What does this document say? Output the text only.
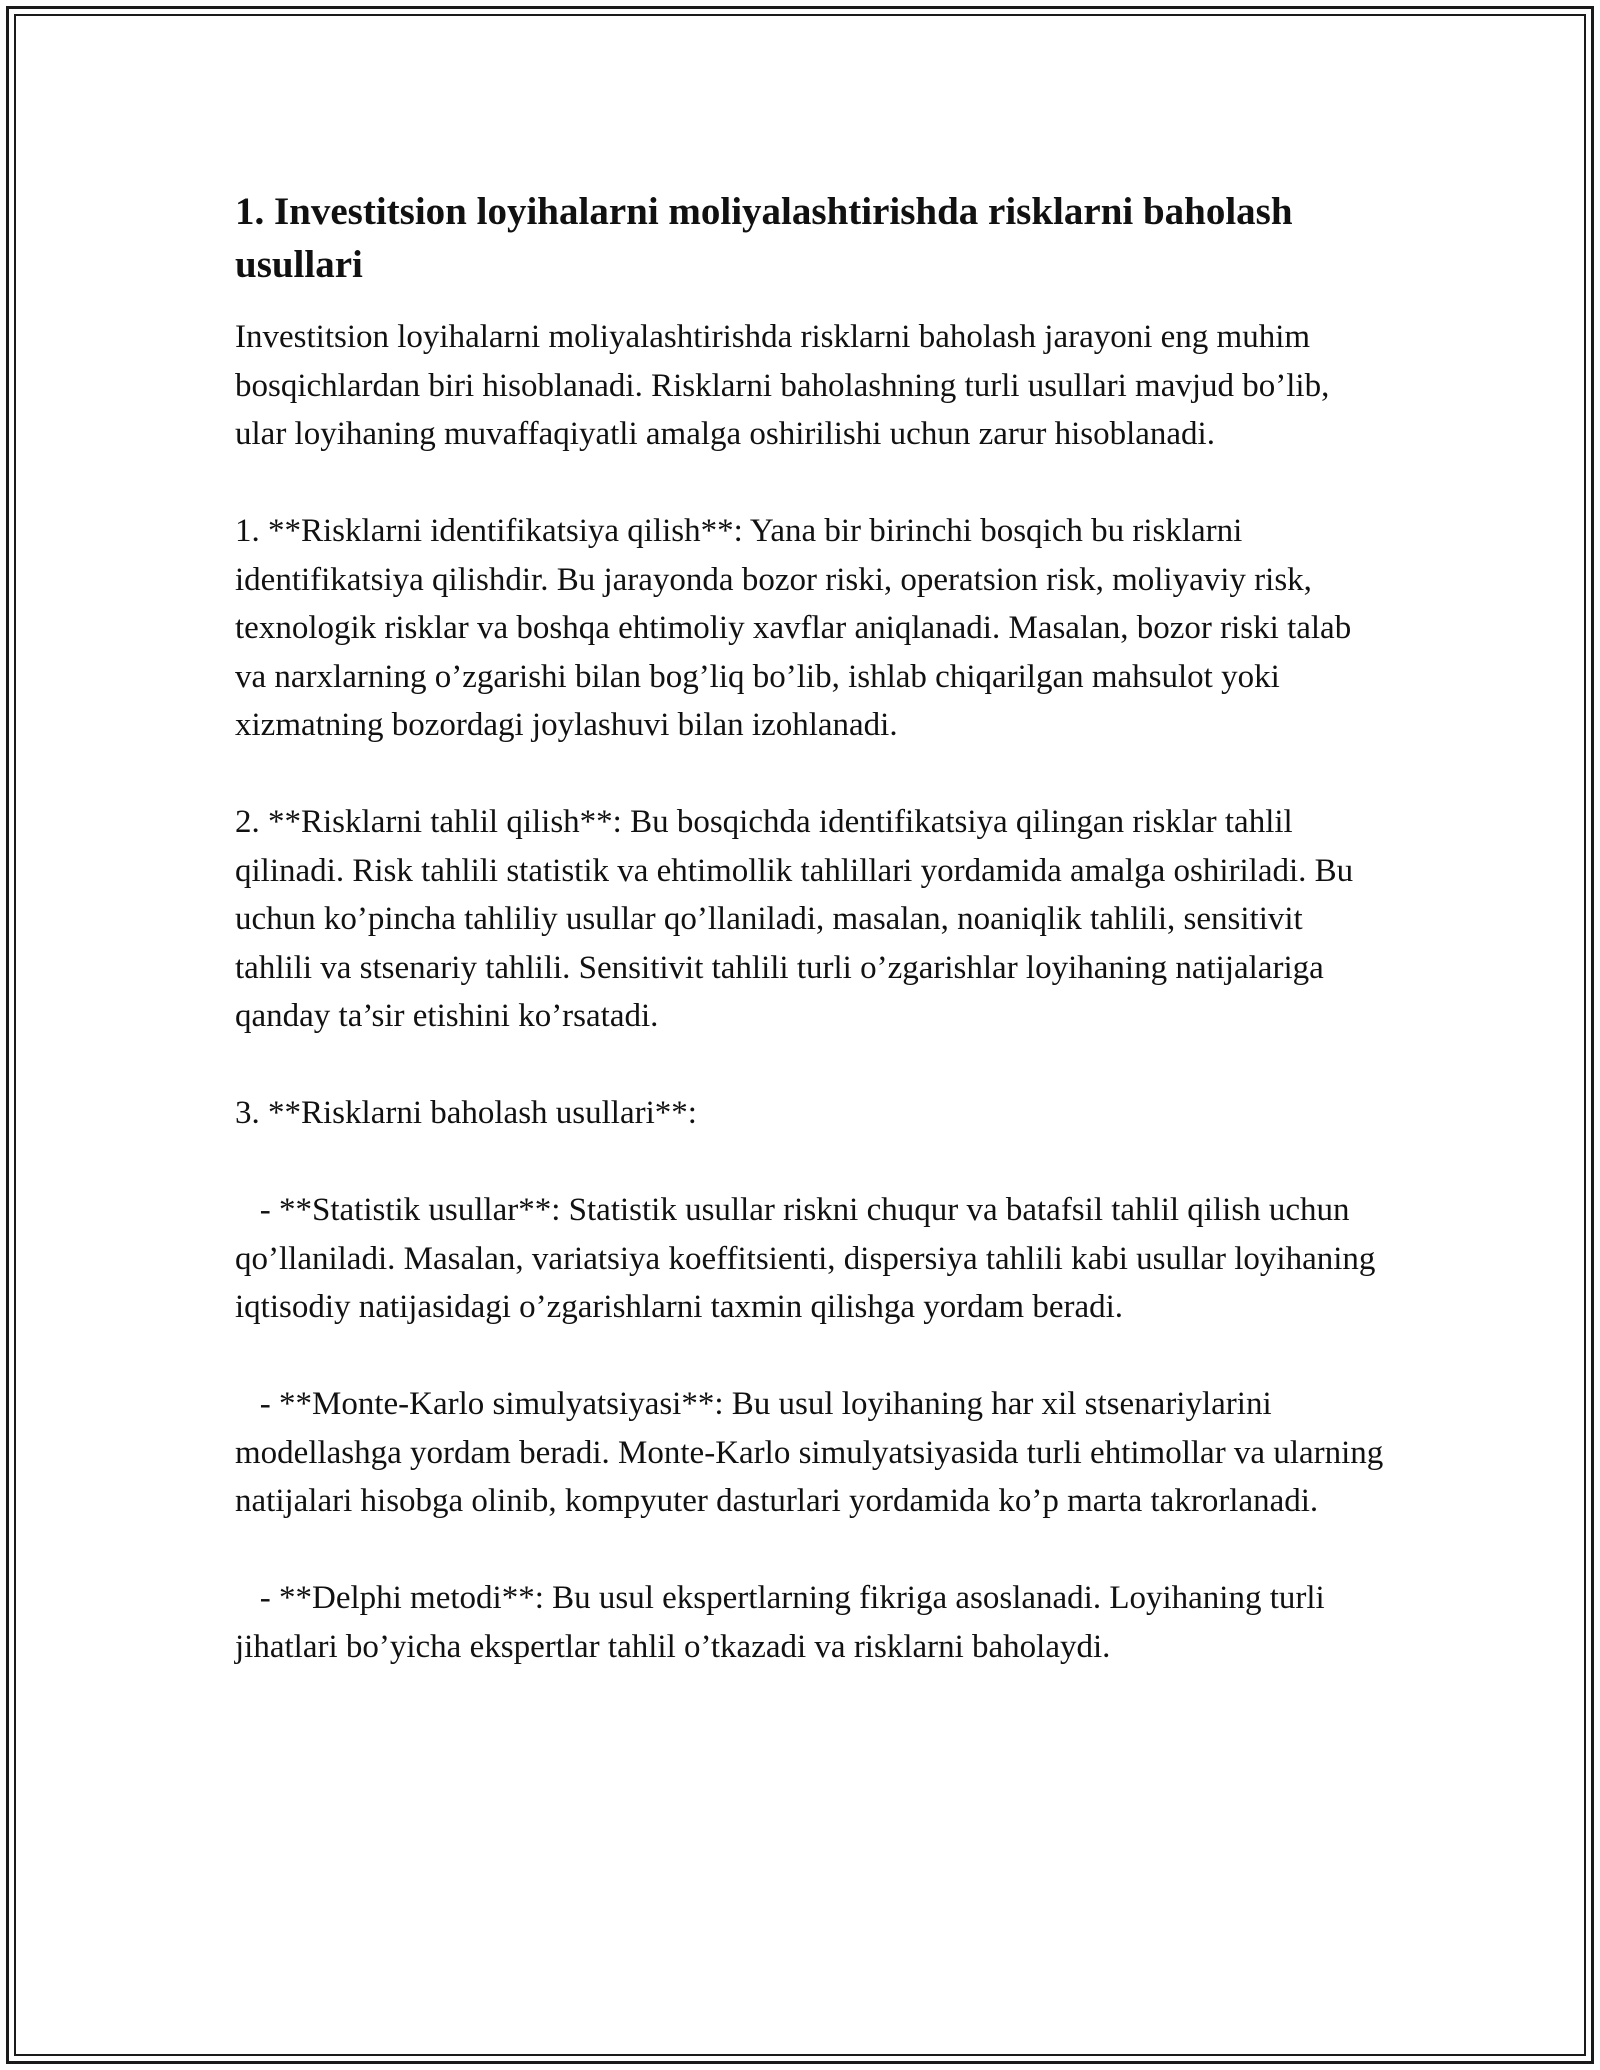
1. Investitsion loyihalarni moliyalashtirishda risklarni baholash usullari

Investitsion loyihalarni moliyalashtirishda risklarni baholash jarayoni eng muhim bosqichlardan biri hisoblanadi. Risklarni baholashning turli usullari mavjud bo’lib, ular loyihaning muvaffaqiyatli amalga oshirilishi uchun zarur hisoblanadi.

1. **Risklarni identifikatsiya qilish**: Yana bir birinchi bosqich bu risklarni identifikatsiya qilishdir. Bu jarayonda bozor riski, operatsion risk, moliyaviy risk, texnologik risklar va boshqa ehtimoliy xavflar aniqlanadi. Masalan, bozor riski talab va narxlarning o’zgarishi bilan bog’liq bo’lib, ishlab chiqarilgan mahsulot yoki xizmatning bozordagi joylashuvi bilan izohlanadi.

2. **Risklarni tahlil qilish**: Bu bosqichda identifikatsiya qilingan risklar tahlil qilinadi. Risk tahlili statistik va ehtimollik tahlillari yordamida amalga oshiriladi. Bu uchun ko’pincha tahliliy usullar qo’llaniladi, masalan, noaniqlik tahlili, sensitivit tahlili va stsenariy tahlili. Sensitivit tahlili turli o’zgarishlar loyihaning natijalariga qanday ta’sir etishini ko’rsatadi.

3. **Risklarni baholash usullari**:

- **Statistik usullar**: Statistik usullar riskni chuqur va batafsil tahlil qilish uchun qo’llaniladi. Masalan, variatsiya koeffitsienti, dispersiya tahlili kabi usullar loyihaning iqtisodiy natijasidagi o’zgarishlarni taxmin qilishga yordam beradi.

- **Monte-Karlo simulyatsiyasi**: Bu usul loyihaning har xil stsenariylarini modellashga yordam beradi. Monte-Karlo simulyatsiyasida turli ehtimollar va ularning natijalari hisobga olinib, kompyuter dasturlari yordamida ko’p marta takrorlanadi.

- **Delphi metodi**: Bu usul ekspertlarning fikriga asoslanadi. Loyihaning turli jihatlari bo’yicha ekspertlar tahlil o’tkazadi va risklarni baholaydi.
